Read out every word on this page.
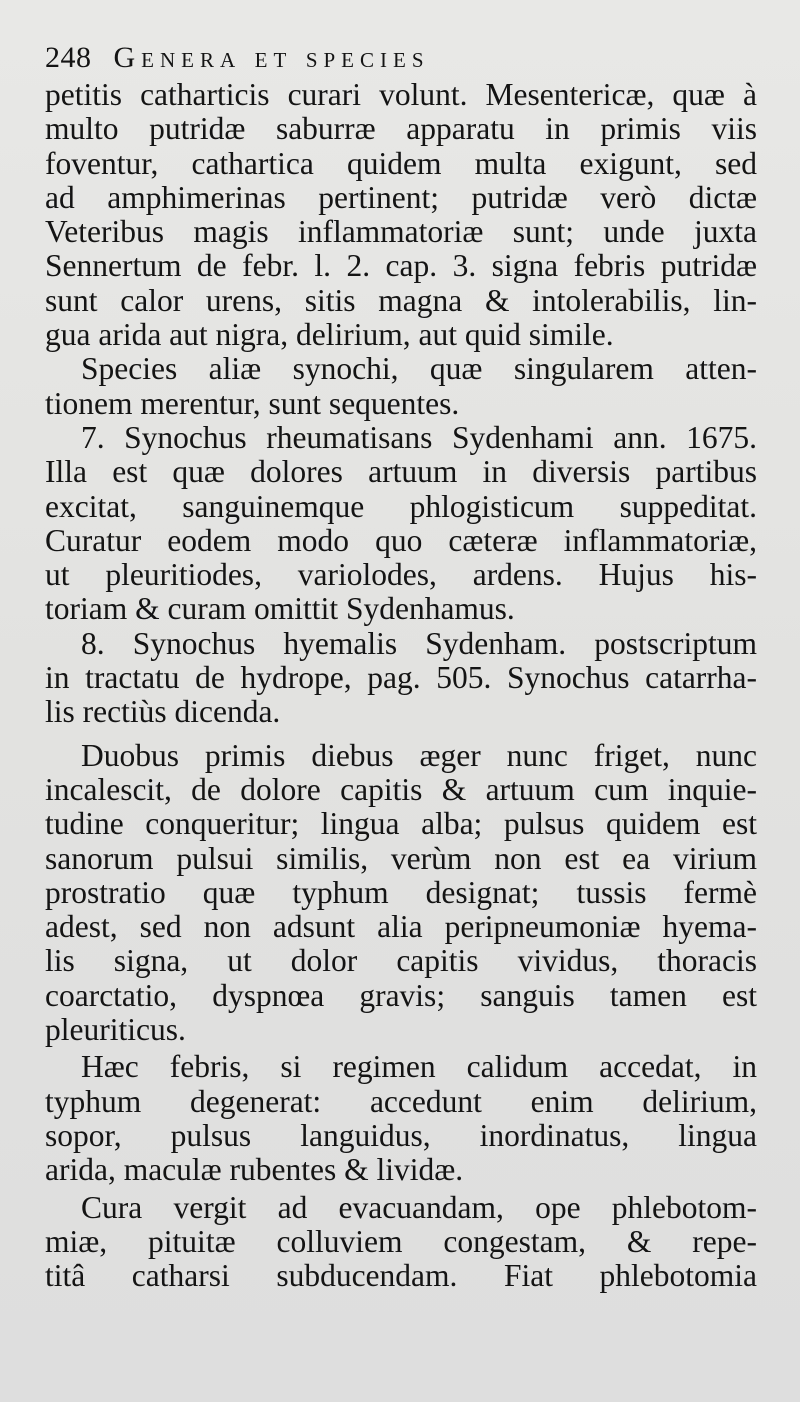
248 Genera et species
petitis catharticis curari volunt. Mesentericæ, quæ à
multo putridæ saburræ apparatu in primis viis
foventur, cathartica quidem multa exigunt, sed
ad amphimerinas pertinent; putridæ verò dictæ
Veteribus magis inflammatoriæ sunt; unde juxta
Sennertum de febr. l. 2. cap. 3. signa febris putridæ
sunt calor urens, sitis magna & intolerabilis, lin-
gua arida aut nigra, delirium, aut quid simile.
Species aliæ synochi, quæ singularem atten-
tionem merentur, sunt sequentes.
7. Synochus rheumatisans Sydenhami ann. 1675.
Illa est quæ dolores artuum in diversis partibus
excitat, sanguinemque phlogisticum suppeditat.
Curatur eodem modo quo cæteræ inflammatoriæ,
ut pleuritiodes, variolodes, ardens. Hujus his-
toriam & curam omittit Sydenhamus.
8. Synochus hyemalis Sydenham. postscriptum
in tractatu de hydrope, pag. 505. Synochus catarrha-
lis rectiùs dicenda.
Duobus primis diebus æger nunc friget, nunc
incalescit, de dolore capitis & artuum cum inquie-
tudine conqueritur; lingua alba; pulsus quidem est
sanorum pulsui similis, verùm non est ea virium
prostratio quæ typhum designat; tussis fermè
adest, sed non adsunt alia peripneumoniæ hyema-
lis signa, ut dolor capitis vividus, thoracis
coarctatio, dyspnœa gravis; sanguis tamen est
pleuriticus.
Hæc febris, si regimen calidum accedat, in
typhum degenerat: accedunt enim delirium,
sopor, pulsus languidus, inordinatus, lingua
arida, maculæ rubentes & lividæ.
Cura vergit ad evacuandam, ope phlebotom-
miæ, pituitæ colluviem congestam, & repe-
titâ catharsi subducendam. Fiat phlebotomia
